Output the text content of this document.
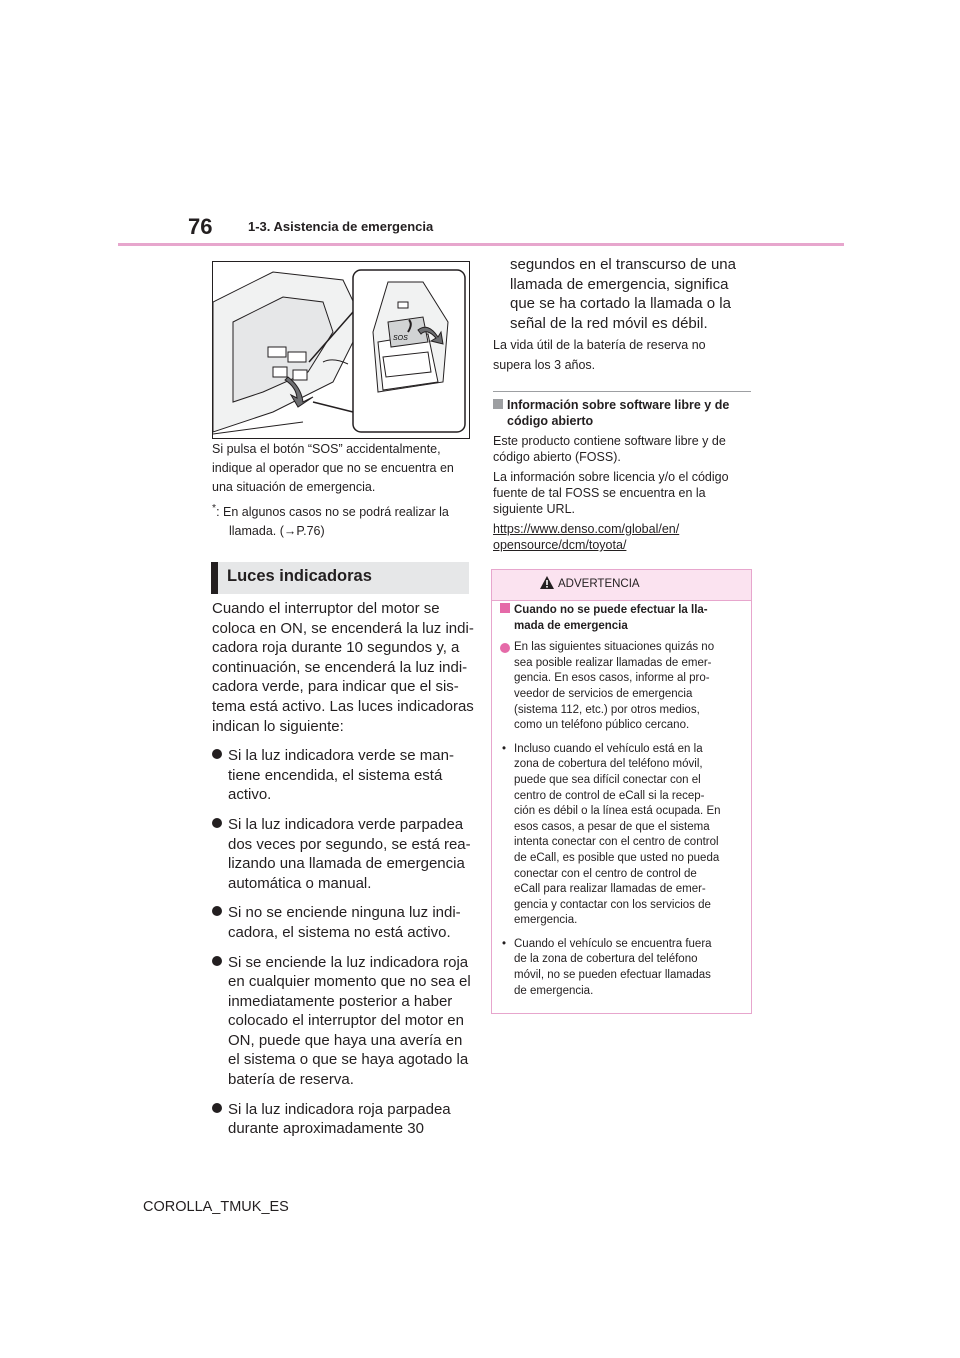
76	1-3. Asistencia de emergencia
SOS

Si pulsa el botón “SOS” accidentalmente,

indique al operador que no se encuentra en

una situación de emergencia.

*: En algunos casos no se podrá realizar la
llamada. (→P.76)
Luces indicadoras

Cuando el interruptor del motor se

coloca en ON, se encenderá la luz indi-

cadora roja durante 10 segundos y, a

continuación, se encenderá la luz indi-

cadora verde, para indicar que el sis-

tema está activo. Las luces indicadoras

indican lo siguiente:

Si la luz indicadora verde se man-

tiene encendida, el sistema está

activo.

Si la luz indicadora verde parpadea

dos veces por segundo, se está rea-

lizando una llamada de emergencia

automática o manual.

Si no se enciende ninguna luz indi-

cadora, el sistema no está activo.

Si se enciende la luz indicadora roja

en cualquier momento que no sea el

inmediatamente posterior a haber

colocado el interruptor del motor en

ON, puede que haya una avería en

el sistema o que se haya agotado la

batería de reserva.

Si la luz indicadora roja parpadea

durante aproximadamente 30

segundos en el transcurso de una

llamada de emergencia, significa

que se ha cortado la llamada o la

señal de la red móvil es débil.

La vida útil de la batería de reserva no
supera los 3 años.

Información sobre software libre y de

código abierto

Este producto contiene software libre y de

código abierto (FOSS).

La información sobre licencia y/o el código

fuente de tal FOSS se encuentra en la

siguiente URL.

https://www.denso.com/global/en/

opensource/dcm/toyota/

ADVERTENCIA

Cuando no se puede efectuar la lla-

mada de emergencia

En las siguientes situaciones quizás no

sea posible realizar llamadas de emer-

gencia. En esos casos, informe al pro-

veedor de servicios de emergencia

(sistema 112, etc.) por otros medios,

como un teléfono público cercano.

• Incluso cuando el vehículo está en la

zona de cobertura del teléfono móvil,

puede que sea difícil conectar con el

centro de control de eCall si la recep-

ción es débil o la línea está ocupada. En

esos casos, a pesar de que el sistema

intenta conectar con el centro de control

de eCall, es posible que usted no pueda

conectar con el centro de control de

eCall para realizar llamadas de emer-

gencia y contactar con los servicios de

emergencia.

• Cuando el vehículo se encuentra fuera

de la zona de cobertura del teléfono

móvil, no se pueden efectuar llamadas

de emergencia.

COROLLA_TMUK_ES
